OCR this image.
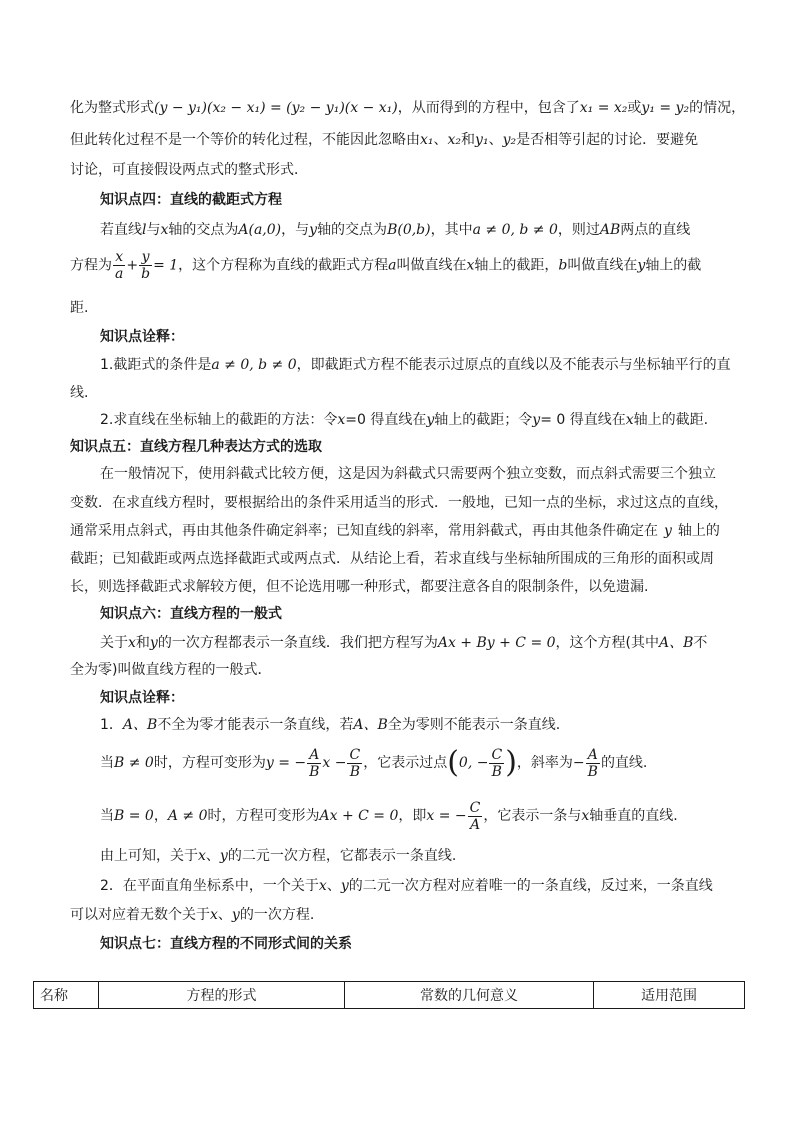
化为整式形式(y − y₁)(x₂ − x₁) = (y₂ − y₁)(x − x₁)，从而得到的方程中，包含了x₁ = x₂或y₁ = y₂的情况，
但此转化过程不是一个等价的转化过程，不能因此忽略由x₁、x₂和y₁、y₂是否相等引起的讨论．要避免
讨论，可直接假设两点式的整式形式．
知识点四：直线的截距式方程
若直线l与x轴的交点为A(a,0)，与y轴的交点为B(0,b)，其中a ≠ 0, b ≠ 0，则过AB两点的直线
方程为 $\frac{x}{a} + \frac{y}{b} = 1$，这个方程称为直线的截距式方程a叫做直线在x轴上的截距，b叫做直线在y轴上的截
距.
知识点诠释：
1.截距式的条件是a ≠ 0, b ≠ 0，即截距式方程不能表示过原点的直线以及不能表示与坐标轴平行的直
线.
2.求直线在坐标轴上的截距的方法：令x=0 得直线在y轴上的截距；令y= 0 得直线在x轴上的截距.
知识点五：直线方程几种表达方式的选取
在一般情况下，使用斜截式比较方便，这是因为斜截式只需要两个独立变数，而点斜式需要三个独立
变数．在求直线方程时，要根据给出的条件采用适当的形式．一般地，已知一点的坐标，求过这点的直线，
通常采用点斜式，再由其他条件确定斜率；已知直线的斜率，常用斜截式，再由其他条件确定在 y 轴上的
截距；已知截距或两点选择截距式或两点式．从结论上看，若求直线与坐标轴所围成的三角形的面积或周
长，则选择截距式求解较方便，但不论选用哪一种形式，都要注意各自的限制条件，以免遗漏.
知识点六：直线方程的一般式
关于x和y的一次方程都表示一条直线．我们把方程写为Ax + By + C = 0，这个方程(其中A、B不
全为零)叫做直线方程的一般式．
知识点诠释：
1．A、B不全为零才能表示一条直线，若A、B全为零则不能表示一条直线.
当B ≠ 0时，方程可变形为y = − $\frac{A}{B}$ $x - \frac{C}{B}$ ，它表示过点(0, − $\frac{C}{B}$ )，斜率为− $\frac{A}{B}$ 的直线.
当B = 0，A ≠ 0时，方程可变形为Ax + C = 0，即x = − $\frac{C}{A}$ ，它表示一条与x轴垂直的直线.
由上可知，关于x、y的二元一次方程，它都表示一条直线.
2．在平面直角坐标系中，一个关于x、y的二元一次方程对应着唯一的一条直线，反过来，一条直线
可以对应着无数个关于x、y的一次方程.
知识点七：直线方程的不同形式间的关系
名称	方程的形式	常数的几何意义	适用范围
